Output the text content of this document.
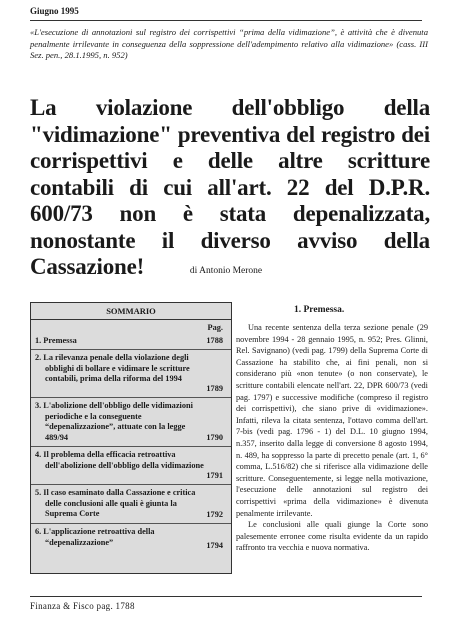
Giugno 1995
«L'esecuzione di annotazioni sul registro dei corrispettivi “prima della vidimazione”, è attività che è divenuta penalmente irrilevante in conseguenza della soppressione dell'adempimento relativo alla vidimazione» (cass. III Sez. pen., 28.1.1995, n. 952)
La violazione dell'obbligo della "vidimazione" preventiva del registro dei corrispettivi e delle altre scritture contabili di cui all'art. 22 del D.P.R. 600/73 non è stata depenalizzata, nonostante il diverso avviso della Cassazione!	di Antonio Merone
SOMMARIO
Pag.
1. Premessa	1788
2. La rilevanza penale della violazione degli obblighi di bollare e vidimare le scritture contabili, prima della riforma del 1994
1789
3. L'abolizione dell'obbligo delle vidimazioni periodiche e la conseguente “depenalizzazione”, attuate con la legge 489/94	1790
4. Il problema della efficacia retroattiva dell'abolizione dell'obbligo della vidimazione
1791
5. Il caso esaminato dalla Cassazione e critica delle conclusioni alle quali è giunta la Suprema Corte	1792
6. L'applicazione retroattiva della “depenalizzazione”	1794
1. Premessa.

Una recente sentenza della terza sezione penale (29 novembre 1994 - 28 gennaio 1995, n. 952; Pres. Glinni, Rel. Savignano) (vedi pag. 1799) della Suprema Corte di Cassazione ha stabilito che, ai fini penali, non si considerano più «non tenute» (o non conservate), le scritture contabili elencate nell'art. 22, DPR 600/73 (vedi pag. 1797) e successive modifiche (compreso il registro dei corrispettivi), che siano prive di «vidimazione». Infatti, rileva la citata sentenza, l'ottavo comma dell'art. 7-bis (vedi pag. 1796 - 1) del D.L. 10 giugno 1994, n.357, inserito dalla legge di conversione 8 agosto 1994, n. 489, ha soppresso la parte di precetto penale (art. 1, 6° comma, L.516/82) che si riferisce alla vidimazione delle scritture. Conseguentemente, si legge nella motivazione, l'esecuzione delle annotazioni sul registro dei corrispettivi «prima della vidimazione» è divenuta penalmente irrilevante.

Le conclusioni alle quali giunge la Corte sono palesemente erronee come risulta evidente da un rapido raffronto tra vecchia e nuova normativa.

Finanza & Fisco pag. 1788
